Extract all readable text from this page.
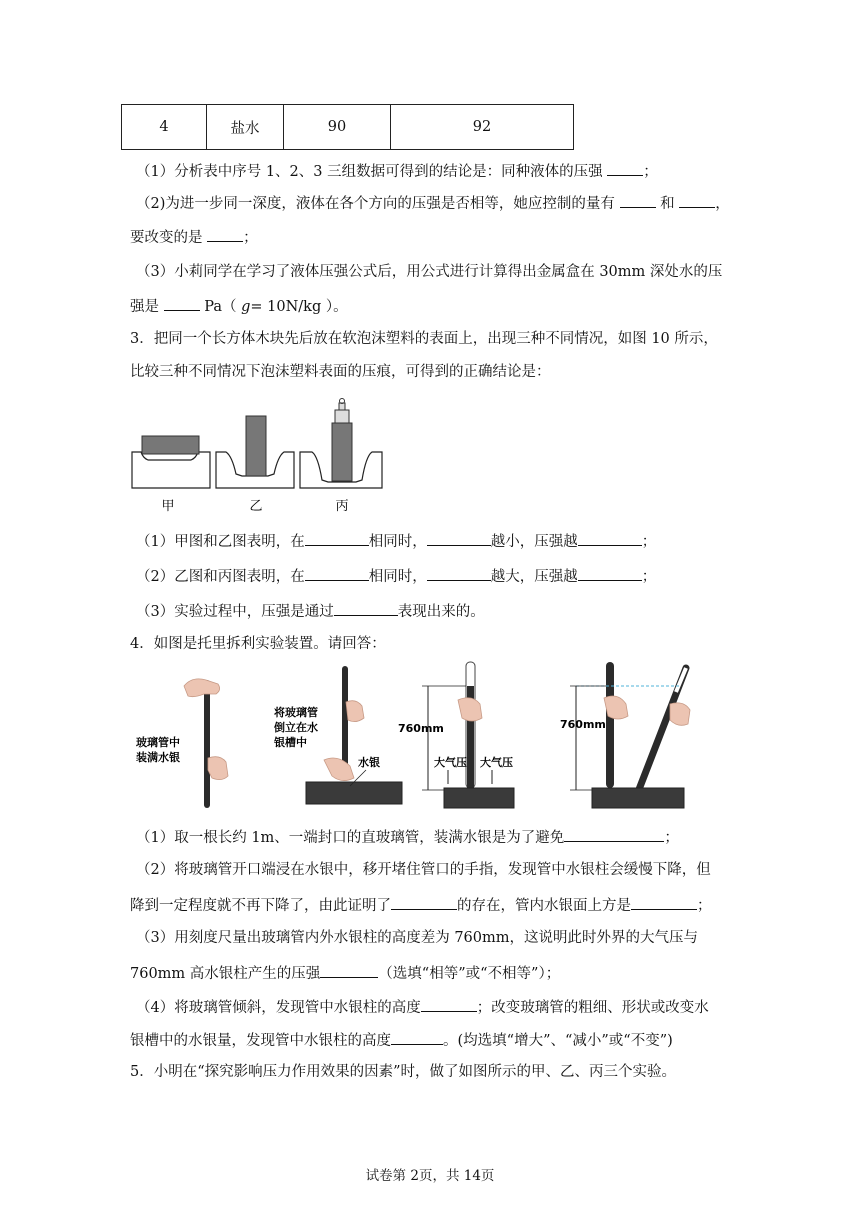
4	盐水	90	92
（1）分析表中序号 1、2、3 三组数据可得到的结论是：同种液体的压强	；
（2)为进一步同一深度，液体在各个方向的压强是否相等，她应控制的量有	和	，
要改变的是	；
（3）小莉同学在学习了液体压强公式后，用公式进行计算得出金属盒在 30mm 深处水的压
强是	Pa（ g= 10N/kg ）。
3．把同一个长方体木块先后放在软泡沫塑料的表面上，出现三种不同情况，如图 10 所示，
比较三种不同情况下泡沫塑料表面的压痕，可得到的正确结论是：
甲	乙	丙
（1）甲图和乙图表明，在	相同时，	越小，压强越	；
（2）乙图和丙图表明，在	相同时，	越大，压强越	；
（3）实验过程中，压强是通过	表现出来的。
4．如图是托里拆利实验装置。请回答：
玻璃管中
装满水银
将玻璃管
倒立在水
银槽中
水银
760mm
大气压 大气压
760mm
（1）取一根长约 1m、一端封口的直玻璃管，装满水银是为了避免	；
（2）将玻璃管开口端浸在水银中，移开堵住管口的手指，发现管中水银柱会缓慢下降，但
降到一定程度就不再下降了，由此证明了	的存在，管内水银面上方是	；
（3）用刻度尺量出玻璃管内外水银柱的高度差为 760mm，这说明此时外界的大气压与
760mm 高水银柱产生的压强	（选填“相等”或“不相等”）；
（4）将玻璃管倾斜，发现管中水银柱的高度	；改变玻璃管的粗细、形状或改变水
银槽中的水银量，发现管中水银柱的高度	。(均选填“增大”、“减小”或“不变”)
5．小明在“探究影响压力作用效果的因素”时，做了如图所示的甲、乙、丙三个实验。
试卷第 2页，共 14页
